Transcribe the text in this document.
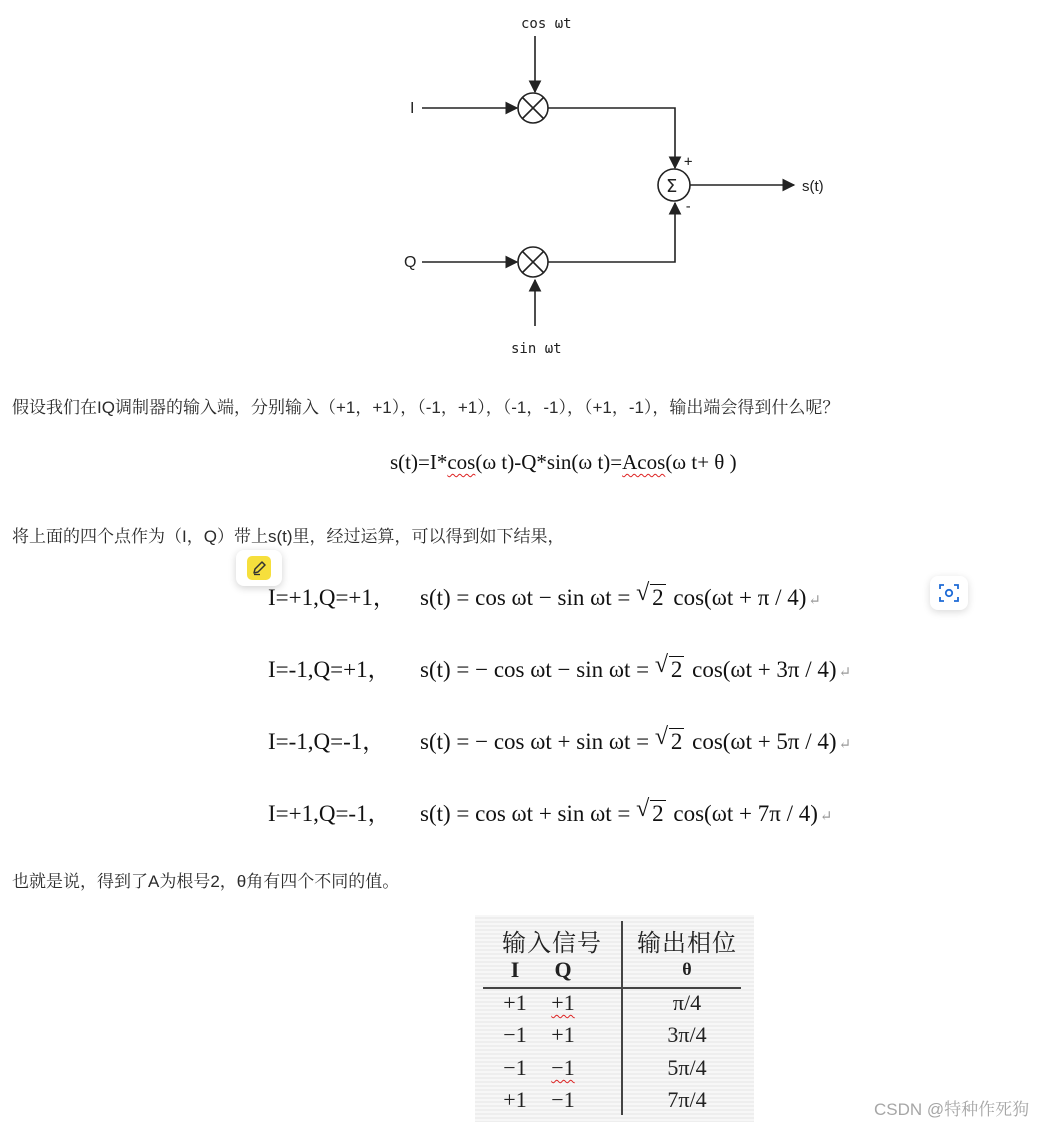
cos ωt
I
+
Σ	s(t)
-
Q
sin ωt
假设我们在IQ调制器的输入端，分别输入（+1，+1），（-1，+1），（-1，-1），（+1，-1），输出端会得到什么呢？
s(t)=I*cos(ω t)-Q*sin(ω t)=Acos(ω t+ θ )
将上面的四个点作为（I，Q）带上s(t)里，经过运算，可以得到如下结果，
I=+1,Q=+1， s(t) = cos ωt − sin ωt = √ 2 cos(ωt + π / 4) ↵
I=-1,Q=+1， s(t) = − cos ωt − sin ωt = √ 2 cos(ωt + 3π / 4) ↵
I=-1,Q=-1， s(t) = − cos ωt + sin ωt = √ 2 cos(ωt + 5π / 4) ↵
I=+1,Q=-1， s(t) = cos ωt + sin ωt = √ 2 cos(ωt + 7π / 4) ↵
也就是说，得到了A为根号2，θ角有四个不同的值。
输入信号	输出相位
I	Q	θ
+1	+1	π/4
−1	+1	3π/4
−1	−1	5π/4
+1	−1	7π/4	CSDN @特种作死狗
